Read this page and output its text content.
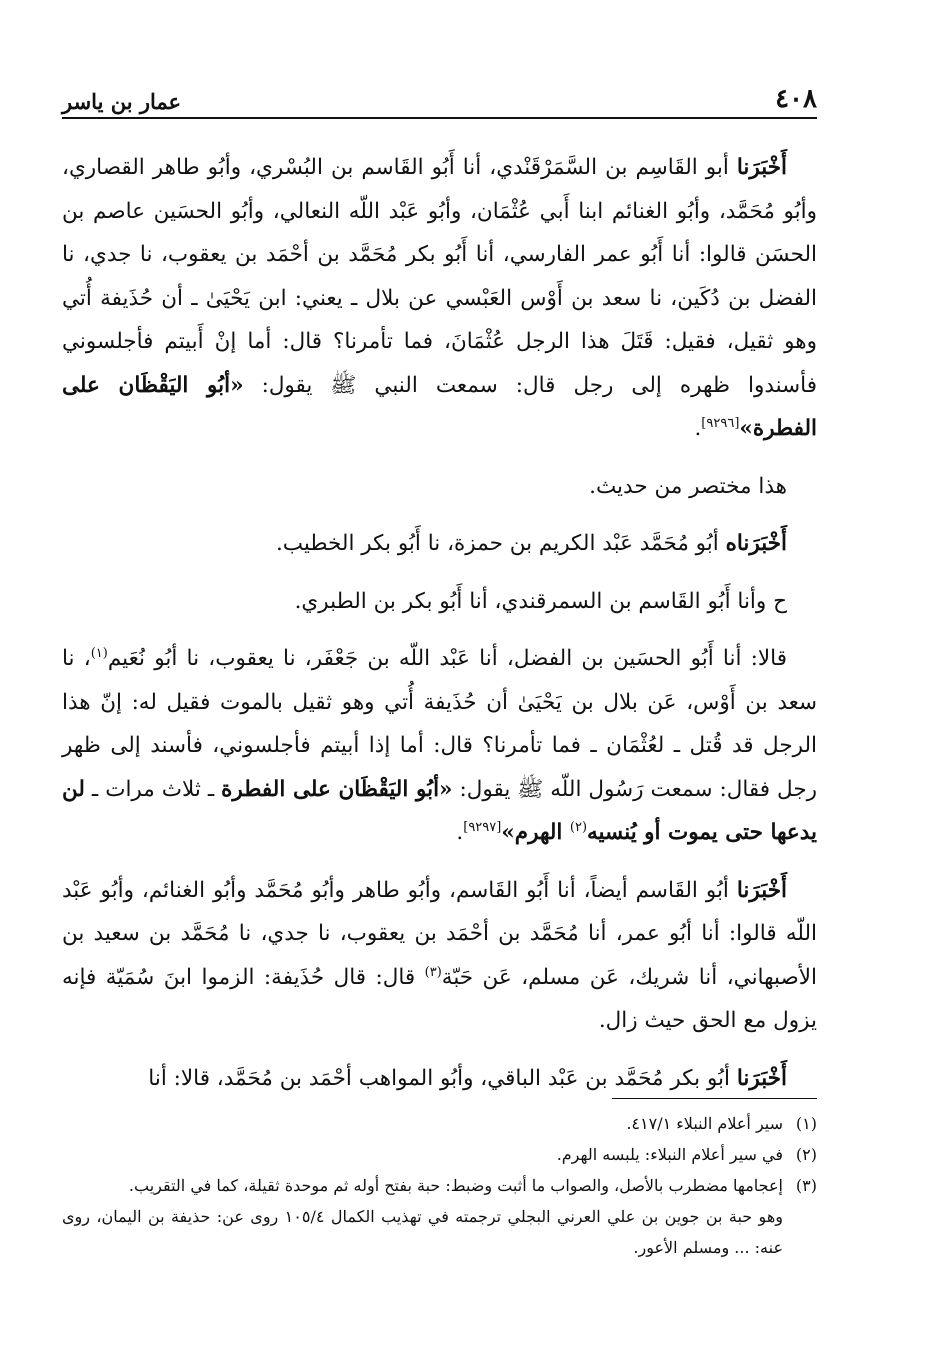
٤٠٨
عمار بن ياسر

أَخْبَرَنا أبو القَاسِم بن السَّمَرْقَنْدي، أنا أَبُو القَاسم بن البُسْري، وأبُو طاهر القصاري، وأبُو مُحَمَّد، وأبُو الغنائم ابنا أَبي عُثْمَان، وأبُو عَبْد اللّه النعالي، وأبُو الحسَين عاصم بن الحسَن قالوا: أنا أَبُو عمر الفارسي، أنا أَبُو بكر مُحَمَّد بن أحْمَد بن يعقوب، نا جدي، نا الفضل بن دُكَين، نا سعد بن أَوْس العَبْسي عن بلال ـ يعني: ابن يَحْيَىٰ ـ أن حُذَيفة أُتي وهو ثقيل، فقيل: قَتَلَ هذا الرجل عُثْمَانَ، فما تأمرنا؟ قال: أما إنْ أَبيتم فأجلسوني فأسندوا ظهره إلى رجل قال: سمعت النبي ﷺ يقول: «أبُو اليَقْظَان على الفطرة»[٩٢٩٦].

هذا مختصر من حديث.

أَخْبَرَناه أبُو مُحَمَّد عَبْد الكريم بن حمزة، نا أَبُو بكر الخطيب.

ح وأنا أَبُو القَاسم بن السمرقندي، أنا أَبُو بكر بن الطبري.

قالا: أنا أَبُو الحسَين بن الفضل، أنا عَبْد اللّه بن جَعْفَر، نا يعقوب، نا أبُو نُعَيم$^{(١)}$، نا سعد بن أَوْس، عَن بلال بن يَحْيَىٰ أن حُذَيفة أُتي وهو ثقيل بالموت فقيل له: إنّ هذا الرجل قد قُتل ـ لعُثْمَان ـ فما تأمرنا؟ قال: أما إذا أبيتم فأجلسوني، فأسند إلى ظهر رجل فقال: سمعت رَسُول اللّه ﷺ يقول: «أبُو اليَقْظَان على الفطرة ـ ثلاث مرات ـ لن يدعها حتى يموت أو يُنسيه$^{(٢)}$ الهرم»[٩٢٩٧].

أَخْبَرَنا أبُو القَاسم أيضاً، أنا أَبُو القَاسم، وأبُو طاهر وأبُو مُحَمَّد وأبُو الغنائم، وأبُو عَبْد اللّه قالوا: أنا أبُو عمر، أنا مُحَمَّد بن أحْمَد بن يعقوب، نا جدي، نا مُحَمَّد بن سعيد بن الأصبهاني، أنا شريك، عَن مسلم، عَن حَبّة$^{(٣)}$ قال: قال حُذَيفة: الزموا ابنَ سُمَيّة فإنه يزول مع الحق حيث زال.

أَخْبَرَنا أبُو بكر مُحَمَّد بن عَبْد الباقي، وأبُو المواهب أحْمَد بن مُحَمَّد، قالا: أنا

(١)
سير أعلام النبلاء ٤١٧/١.
(٢)
في سير أعلام النبلاء: يلبسه الهرم.
(٣)
إعجامها مضطرب بالأصل، والصواب ما أثبت وضبط: حبة بفتح أوله ثم موحدة ثقيلة، كما في التقريب.
وهو حبة بن جوين بن علي العرني البجلي ترجمته في تهذيب الكمال ١٠٥/٤ روى عن: حذيفة بن اليمان، روى عنه: ... ومسلم الأعور.
